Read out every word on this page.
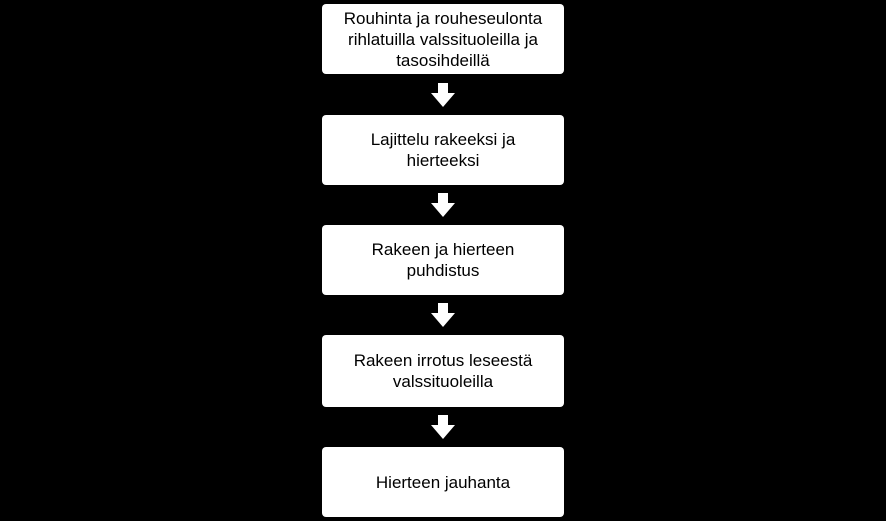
Rouhinta ja rouheseulonta
rihlatuilla valssituoleilla ja
tasosihdeillä
Lajittelu rakeeksi ja
hierteeksi
Rakeen ja hierteen
puhdistus
Rakeen irrotus leseestä
valssituoleilla
Hierteen jauhanta
